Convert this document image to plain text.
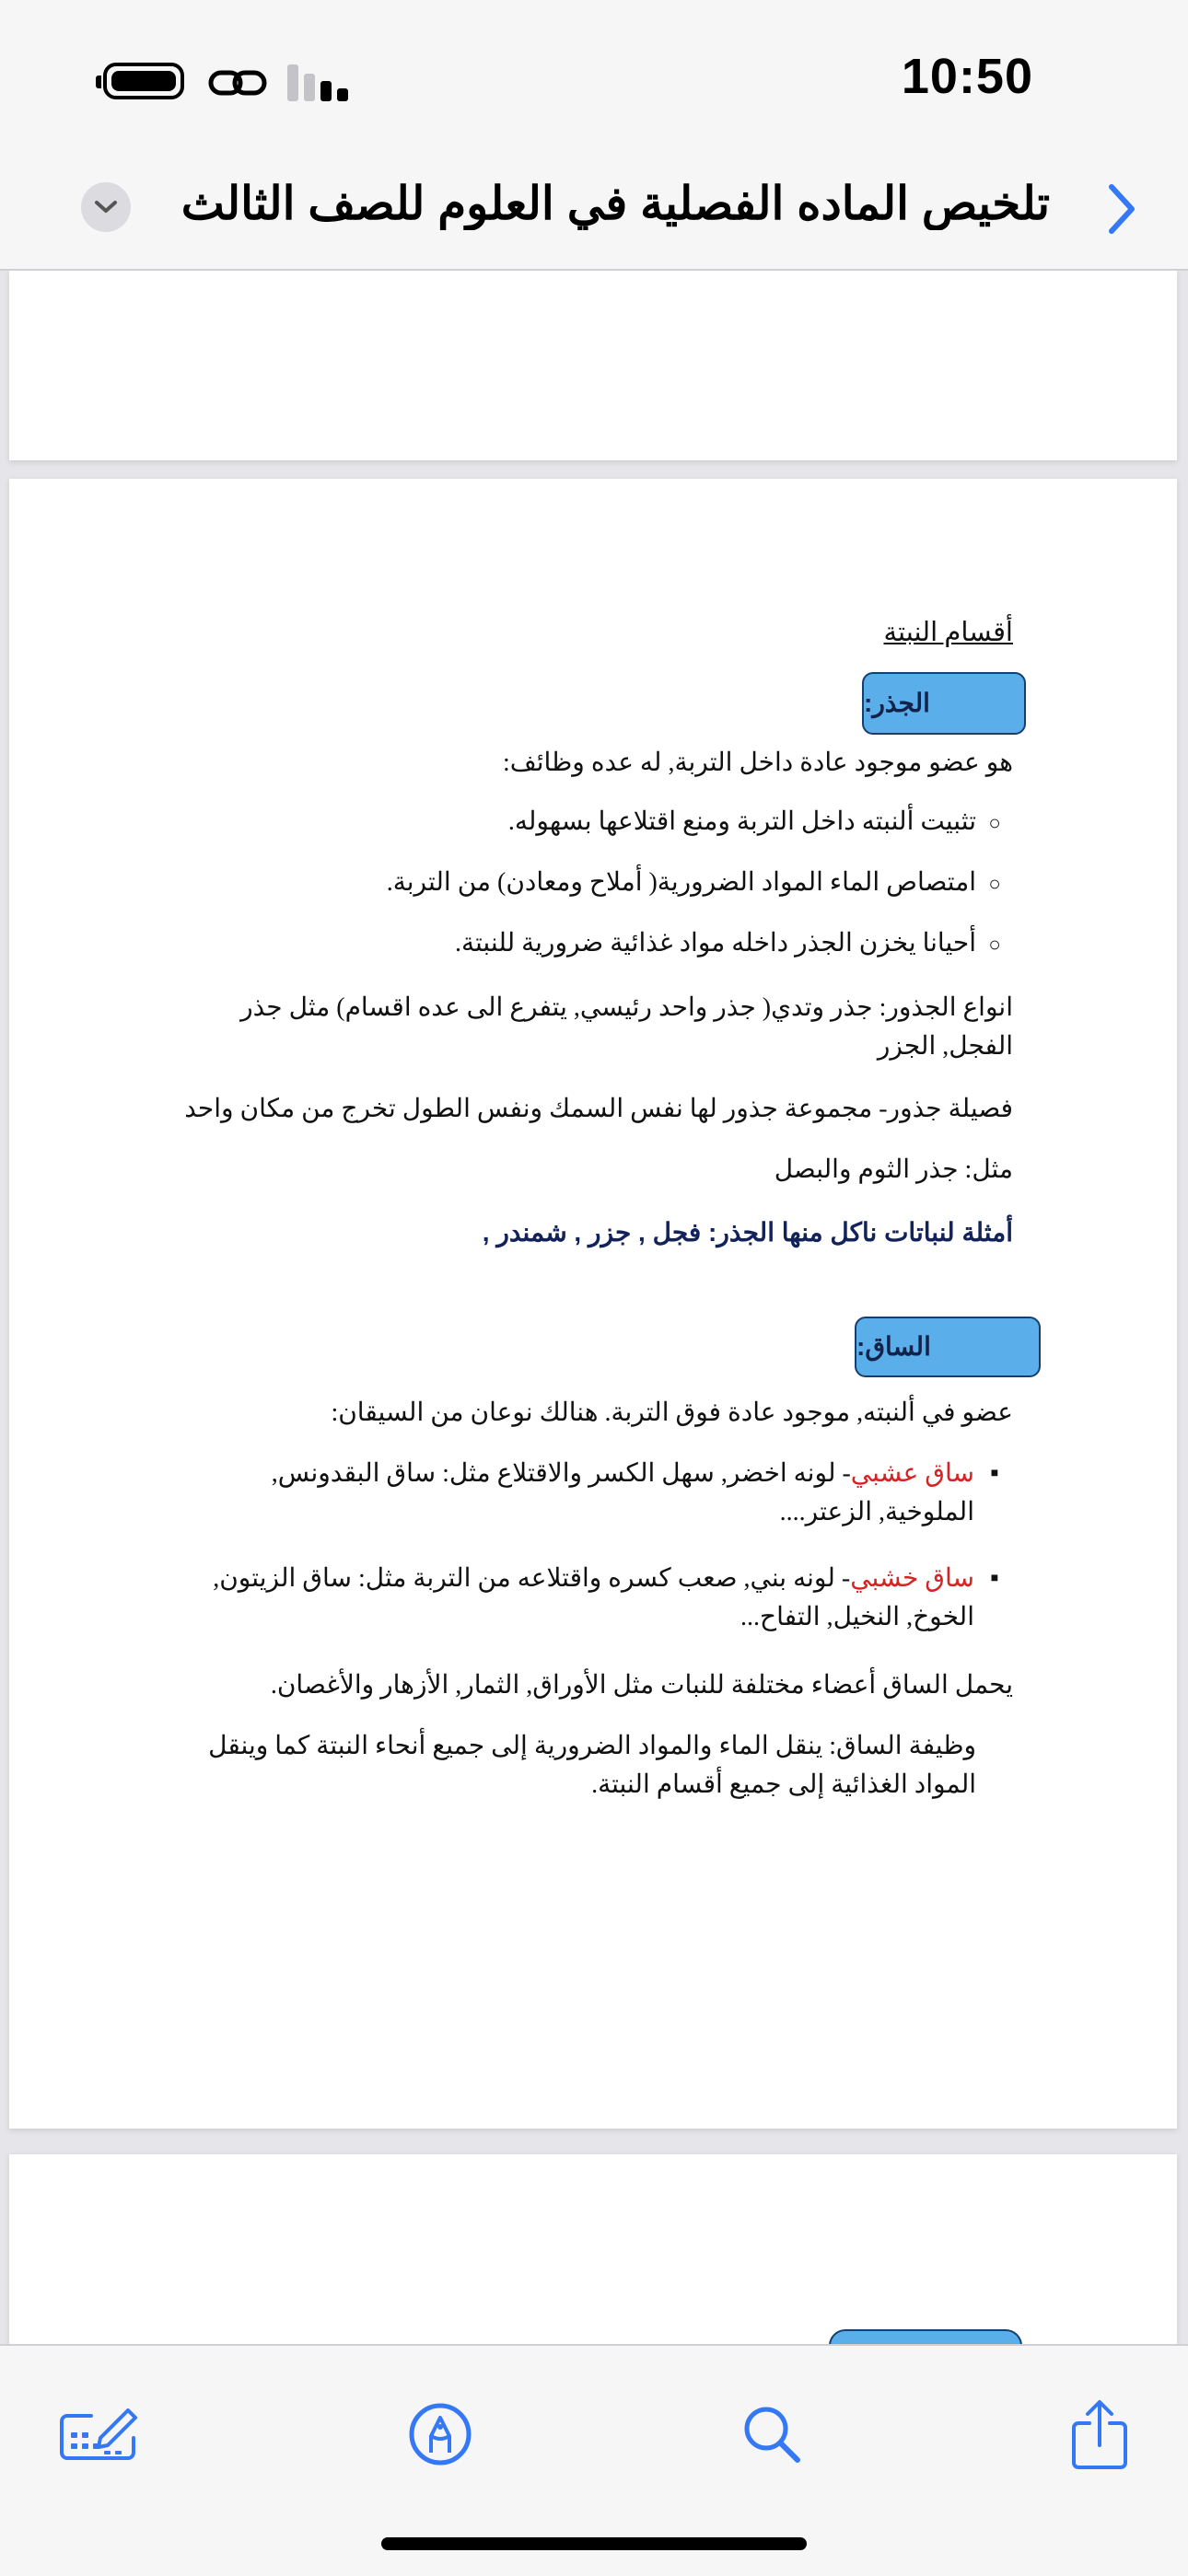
10:50
تلخيص الماده الفصلية في العلوم للصف الثالث

أقسام النبتة

الجذر:

هو عضو موجود عادة داخل التربة, له عده وظائف:

○ تثبيت ألنبته داخل التربة ومنع اقتلاعها بسهوله.

○ امتصاص الماء المواد الضرورية( أملاح ومعادن) من التربة.

○ أحيانا يخزن الجذر داخله مواد غذائية ضرورية للنبتة.

انواع الجذور: جذر وتدي( جذر واحد رئيسي, يتفرع الى عده اقسام) مثل جذر الفجل, الجزر

فصيلة جذور- مجموعة جذور لها نفس السمك ونفس الطول تخرج من مكان واحد

مثل: جذر الثوم والبصل

أمثلة لنباتات ناكل منها الجذر: فجل , جزر , شمندر ,

الساق:

عضو في ألنبته, موجود عادة فوق التربة. هنالك نوعان من السيقان:

■ ساق عشبي- لونه اخضر, سهل الكسر والاقتلاع مثل: ساق البقدونس, الملوخية, الزعتر....

■ ساق خشبي- لونه بني, صعب كسره واقتلاعه من التربة مثل: ساق الزيتون, الخوخ, النخيل, التفاح...

يحمل الساق أعضاء مختلفة للنبات مثل الأوراق, الثمار, الأزهار والأغصان.

وظيفة الساق: ينقل الماء والمواد الضرورية إلى جميع أنحاء النبتة كما وينقل المواد الغذائية إلى جميع أقسام النبتة.
